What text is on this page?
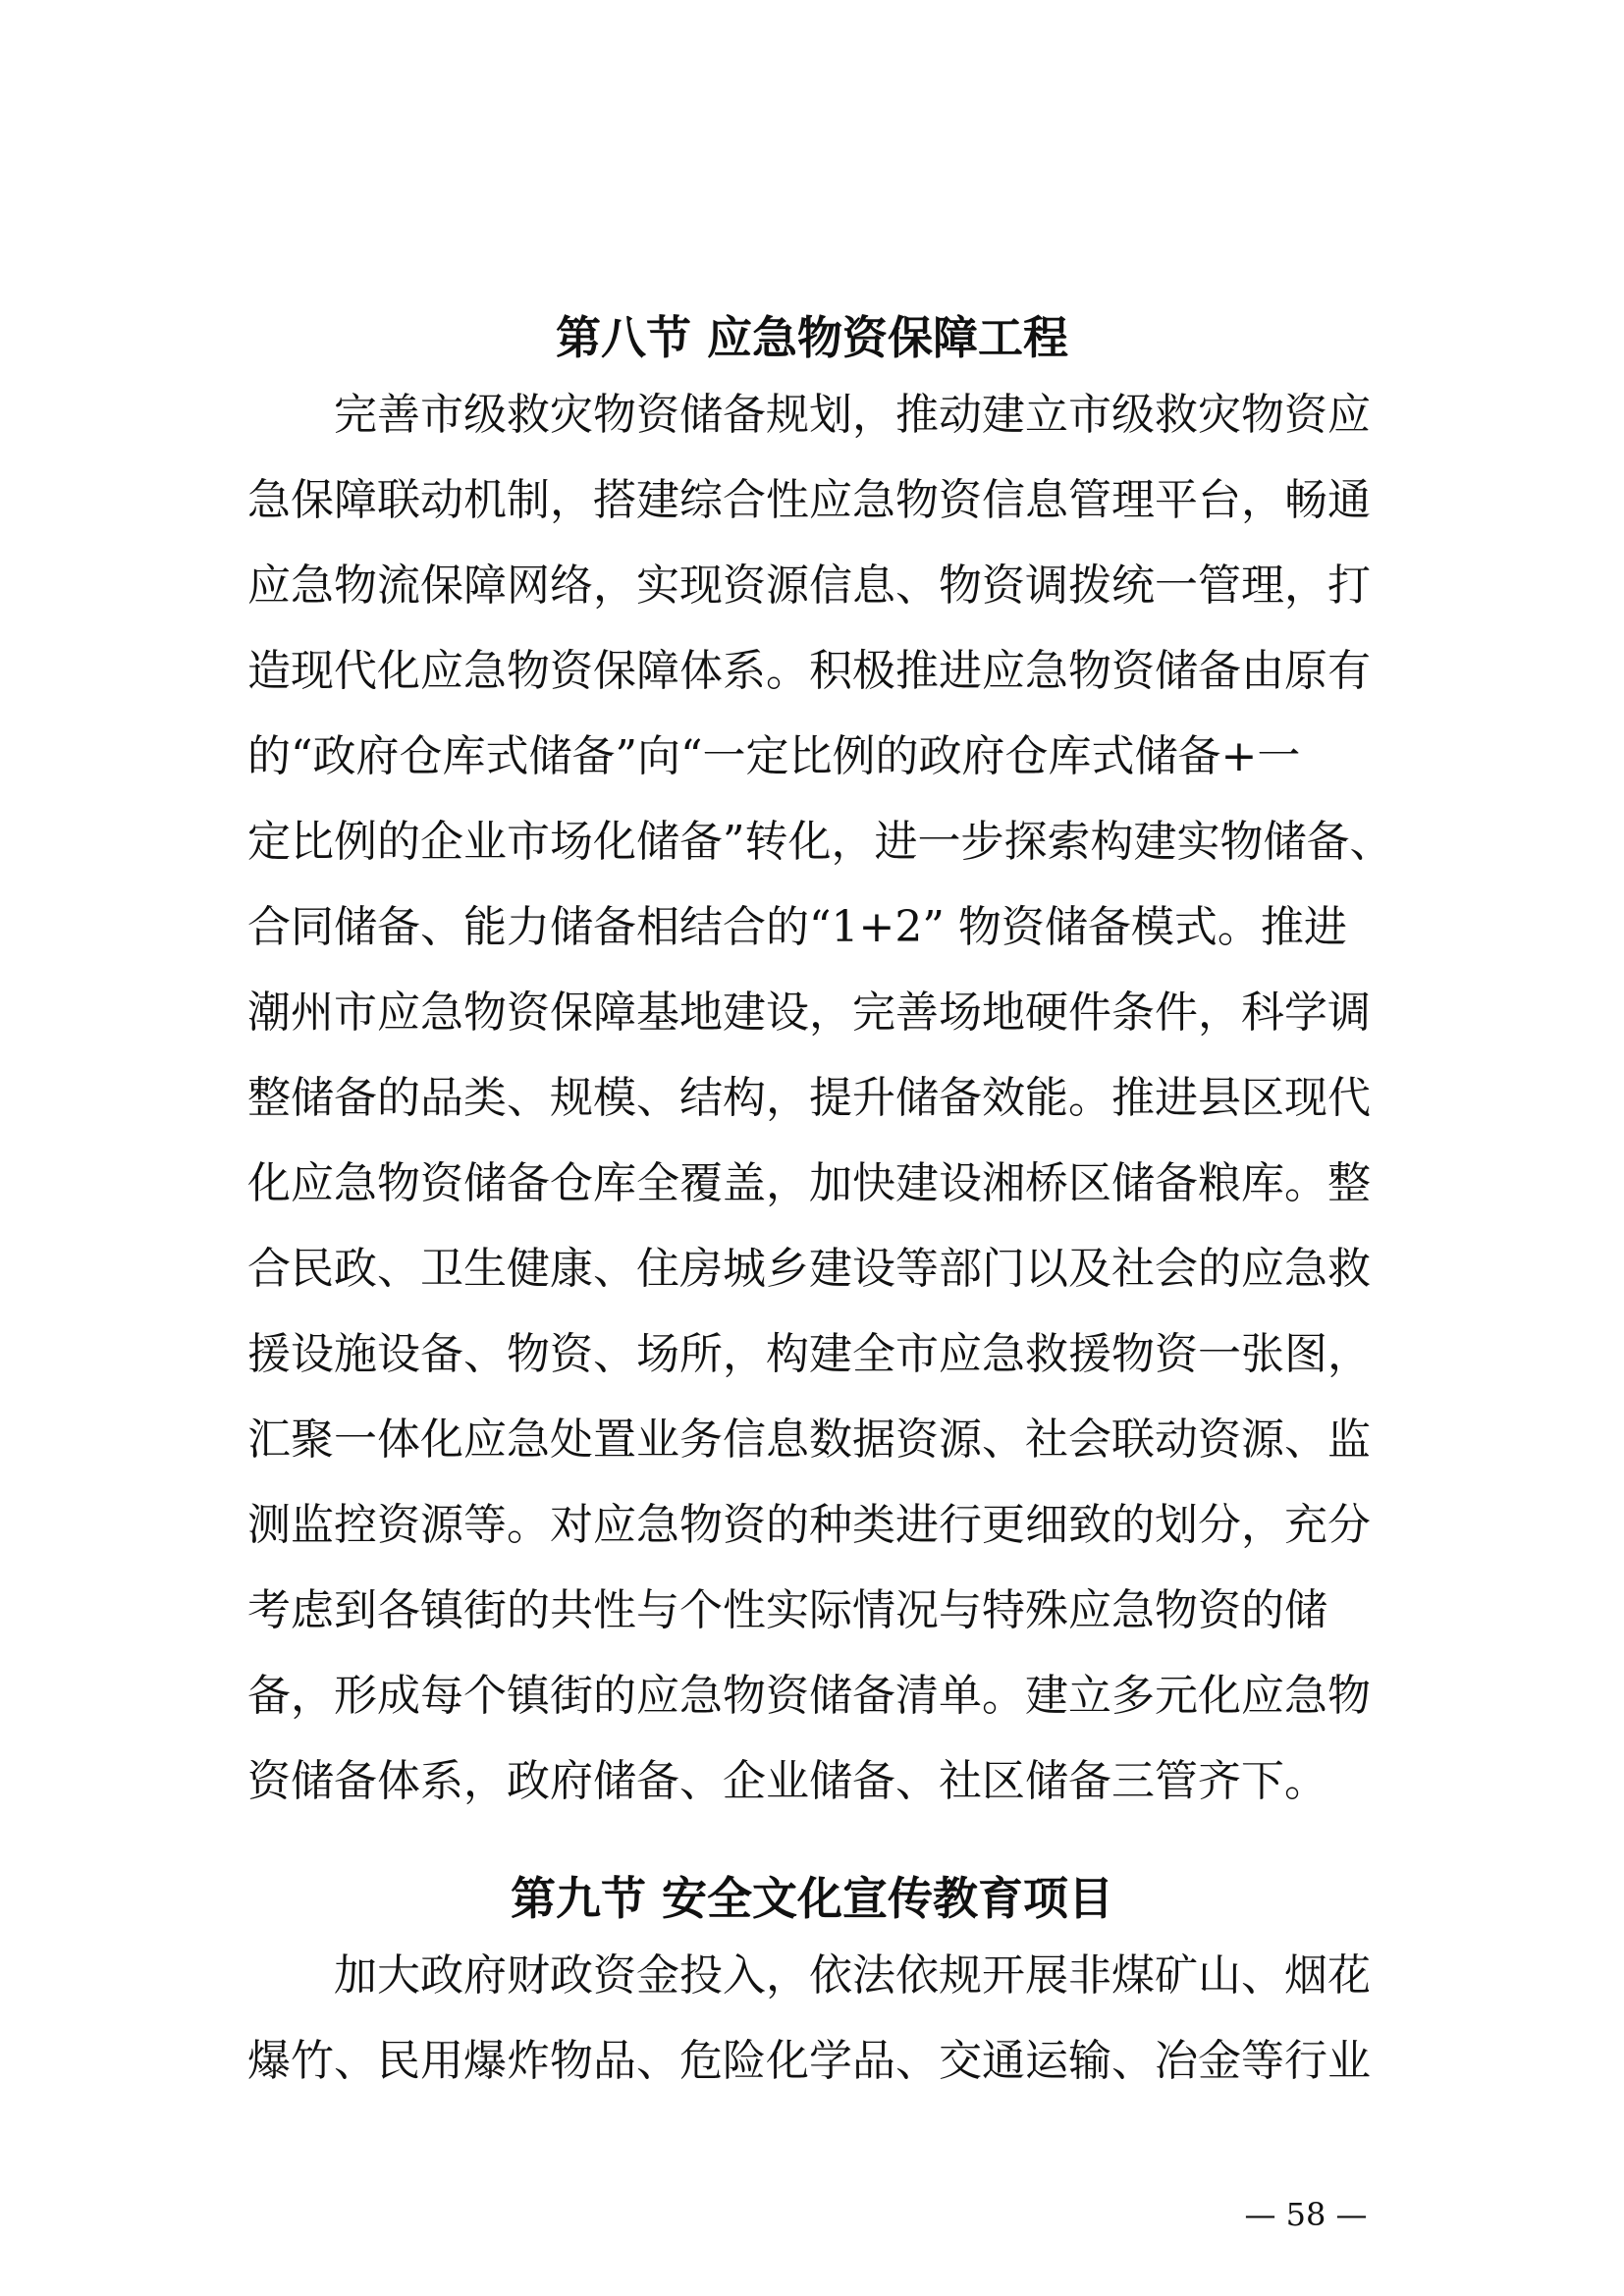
第八节 应急物资保障工程

完善市级救灾物资储备规划，推动建立市级救灾物资应

急保障联动机制，搭建综合性应急物资信息管理平台，畅通

应急物流保障网络，实现资源信息、物资调拨统一管理，打

造现代化应急物资保障体系。积极推进应急物资储备由原有

的“政府仓库式储备”向“一定比例的政府仓库式储备+一

定比例的企业市场化储备”转化，进一步探索构建实物储备、

合同储备、能力储备相结合的“1+2” 物资储备模式。推进

潮州市应急物资保障基地建设，完善场地硬件条件，科学调

整储备的品类、规模、结构，提升储备效能。推进县区现代

化应急物资储备仓库全覆盖，加快建设湘桥区储备粮库。整

合民政、卫生健康、住房城乡建设等部门以及社会的应急救

援设施设备、物资、场所，构建全市应急救援物资一张图，

汇聚一体化应急处置业务信息数据资源、社会联动资源、监

测监控资源等。对应急物资的种类进行更细致的划分，充分

考虑到各镇街的共性与个性实际情况与特殊应急物资的储

备，形成每个镇街的应急物资储备清单。建立多元化应急物

资储备体系，政府储备、企业储备、社区储备三管齐下。

第九节 安全文化宣传教育项目

加大政府财政资金投入，依法依规开展非煤矿山、烟花

爆竹、民用爆炸物品、危险化学品、交通运输、冶金等行业

— 58 —
